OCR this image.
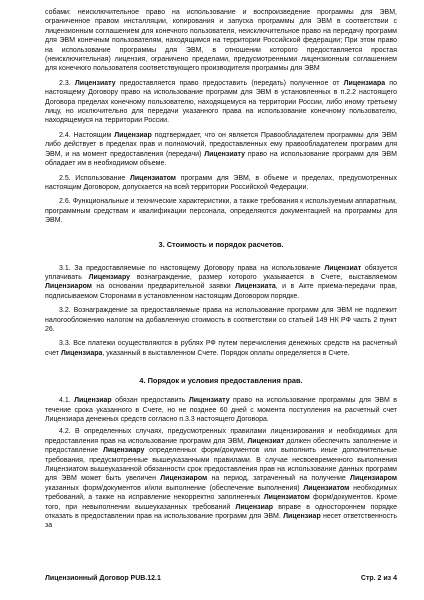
собами: неисключительное право на использование и воспроизведение программы для ЭВМ, ограниченное правом инсталляции, копирования и запуска программы для ЭВМ в соответствии с лицензионным соглашением для конечного пользователя, неисключительное право на передачу программ для ЭВМ конечным пользователям, находящимся на территории Российской федерации; При этом право на использование программы для ЭВМ, в отношении которого предоставляется простая (неисключительная) лицензия, ограничено пределами, предусмотренными лицензионным соглашением для конечного пользователя соответствующего производителя программы для ЭВМ

2.3. Лицензиату предоставляется право предоставить (передать) полученное от Лицензиара по настоящему Договору право на использование программ для ЭВМ в установленных в п.2.2 настоящего Договора пределах конечному пользователю, находящемуся на территории России, либо иному третьему лицу, но исключительно для передачи указанного права на использование конечному пользователю, находящемуся на территории России.

2.4. Настоящим Лицензиар подтверждает, что он является Правообладателем программы для ЭВМ либо действует в пределах прав и полномочий, предоставленных ему правообладателем программ для ЭВМ, и на момент предоставления (передачи) Лицензиату право на использование программ для ЭВМ обладает им в необходимом объеме.

2.5. Использование Лицензиатом программ для ЭВМ, в объеме и пределах, предусмотренных настоящим Договором, допускается на всей территории Российской Федерации.

2.6. Функциональные и технические характеристики, а также требования к используемым аппаратным, программным средствам и квалификации персонала, определяются документацией на программы для ЭВМ.

3. Стоимость и порядок расчетов.

3.1. За предоставляемые по настоящему Договору права на использование Лицензиат обязуется уплачивать Лицензиару вознаграждение, размер которого указывается в Счете, выставляемом Лицензиаром на основании предварительной заявки Лицензиата, и в Акте приема-передачи прав, подписываемом Сторонами в установленном настоящим Договором порядке.

3.2. Вознаграждение за предоставляемые права на использование программ для ЭВМ не подлежит налогообложению налогом на добавленную стоимость в соответствии со статьей 149 НК РФ часть 2 пункт 26.

3.3. Все платежи осуществляются в рублях РФ путем перечисления денежных средств на расчетный счет Лицензиара, указанный в выставленном Счете. Порядок оплаты определяется в Счете.

4. Порядок и условия предоставления прав.

4.1. Лицензиар обязан предоставить Лицензиату право на использование программы для ЭВМ в течение срока указанного в Счете, но не позднее 60 дней с момента поступления на расчетный счет Лицензиара денежных средств согласно п.3.3 настоящего Договора.

4.2. В определенных случаях, предусмотренных правилами лицензирования и необходимых для предоставления прав на использование программ для ЭВМ, Лицензиат должен обеспечить заполнение и предоставление Лицензиару определенных форм/документов или выполнить иные дополнительные требования, предусмотренные вышеуказанными правилами. В случае несвоевременного выполнения Лицензиатом вышеуказанной обязанности срок предоставления прав на использование данных программ для ЭВМ может быть увеличен Лицензиаром на период, затраченный на получение Лицензиаром указанных форм/документов и/или выполнение (обеспечение выполнения) Лицензиатом необходимых требований, а также на исправление некорректно заполненных Лицензиатом форм/документов. Кроме того, при невыполнении вышеуказанных требований Лицензиар вправе в одностороннем порядке отказать в предоставлении прав на использование программ для ЭВМ. Лицензиар несет ответственность за

Лицензионный Договор PUB.12.1	Стр. 2 из 4
